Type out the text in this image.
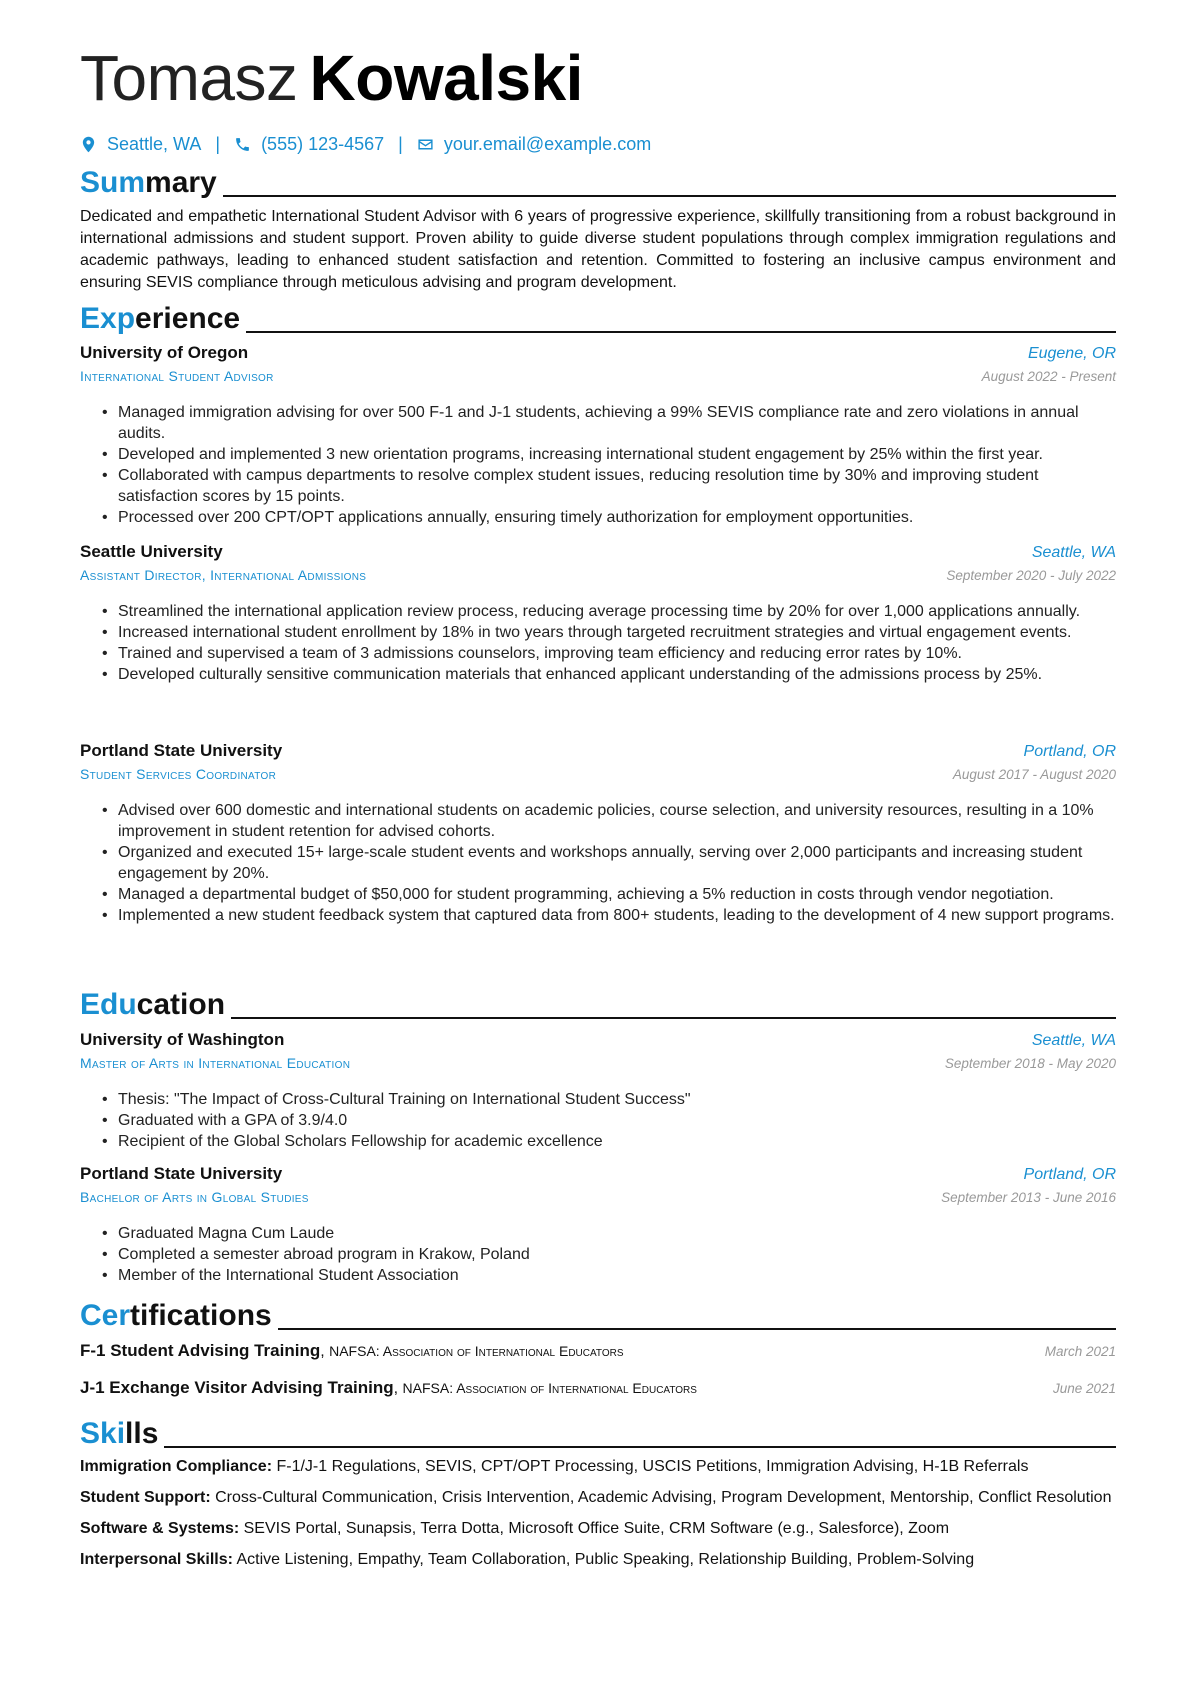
Tomasz Kowalski
Seattle, WA | (555) 123-4567 | your.email@example.com
Summary
Dedicated and empathetic International Student Advisor with 6 years of progressive experience, skillfully transitioning from a robust background in international admissions and student support. Proven ability to guide diverse student populations through complex immigration regulations and academic pathways, leading to enhanced student satisfaction and retention. Committed to fostering an inclusive campus environment and ensuring SEVIS compliance through meticulous advising and program development.
Experience
University of Oregon	Eugene, OR
International Student Advisor	August 2022 - Present
• Managed immigration advising for over 500 F-1 and J-1 students, achieving a 99% SEVIS compliance rate and zero violations in annual audits.
• Developed and implemented 3 new orientation programs, increasing international student engagement by 25% within the first year.
• Collaborated with campus departments to resolve complex student issues, reducing resolution time by 30% and improving student satisfaction scores by 15 points.
• Processed over 200 CPT/OPT applications annually, ensuring timely authorization for employment opportunities.
Seattle University	Seattle, WA
Assistant Director, International Admissions	September 2020 - July 2022
• Streamlined the international application review process, reducing average processing time by 20% for over 1,000 applications annually.
• Increased international student enrollment by 18% in two years through targeted recruitment strategies and virtual engagement events.
• Trained and supervised a team of 3 admissions counselors, improving team efficiency and reducing error rates by 10%.
• Developed culturally sensitive communication materials that enhanced applicant understanding of the admissions process by 25%.
Portland State University	Portland, OR
Student Services Coordinator	August 2017 - August 2020
• Advised over 600 domestic and international students on academic policies, course selection, and university resources, resulting in a 10% improvement in student retention for advised cohorts.
• Organized and executed 15+ large-scale student events and workshops annually, serving over 2,000 participants and increasing student engagement by 20%.
• Managed a departmental budget of $50,000 for student programming, achieving a 5% reduction in costs through vendor negotiation.
• Implemented a new student feedback system that captured data from 800+ students, leading to the development of 4 new support programs.
Education
University of Washington	Seattle, WA
Master of Arts in International Education	September 2018 - May 2020
• Thesis: "The Impact of Cross-Cultural Training on International Student Success"
• Graduated with a GPA of 3.9/4.0
• Recipient of the Global Scholars Fellowship for academic excellence
Portland State University	Portland, OR
Bachelor of Arts in Global Studies	September 2013 - June 2016
• Graduated Magna Cum Laude
• Completed a semester abroad program in Krakow, Poland
• Member of the International Student Association
Certifications
F-1 Student Advising Training, NAFSA: Association of International Educators	March 2021
J-1 Exchange Visitor Advising Training, NAFSA: Association of International Educators	June 2021
Skills
Immigration Compliance: F-1/J-1 Regulations, SEVIS, CPT/OPT Processing, USCIS Petitions, Immigration Advising, H-1B Referrals
Student Support: Cross-Cultural Communication, Crisis Intervention, Academic Advising, Program Development, Mentorship, Conflict Resolution
Software & Systems: SEVIS Portal, Sunapsis, Terra Dotta, Microsoft Office Suite, CRM Software (e.g., Salesforce), Zoom
Interpersonal Skills: Active Listening, Empathy, Team Collaboration, Public Speaking, Relationship Building, Problem-Solving
